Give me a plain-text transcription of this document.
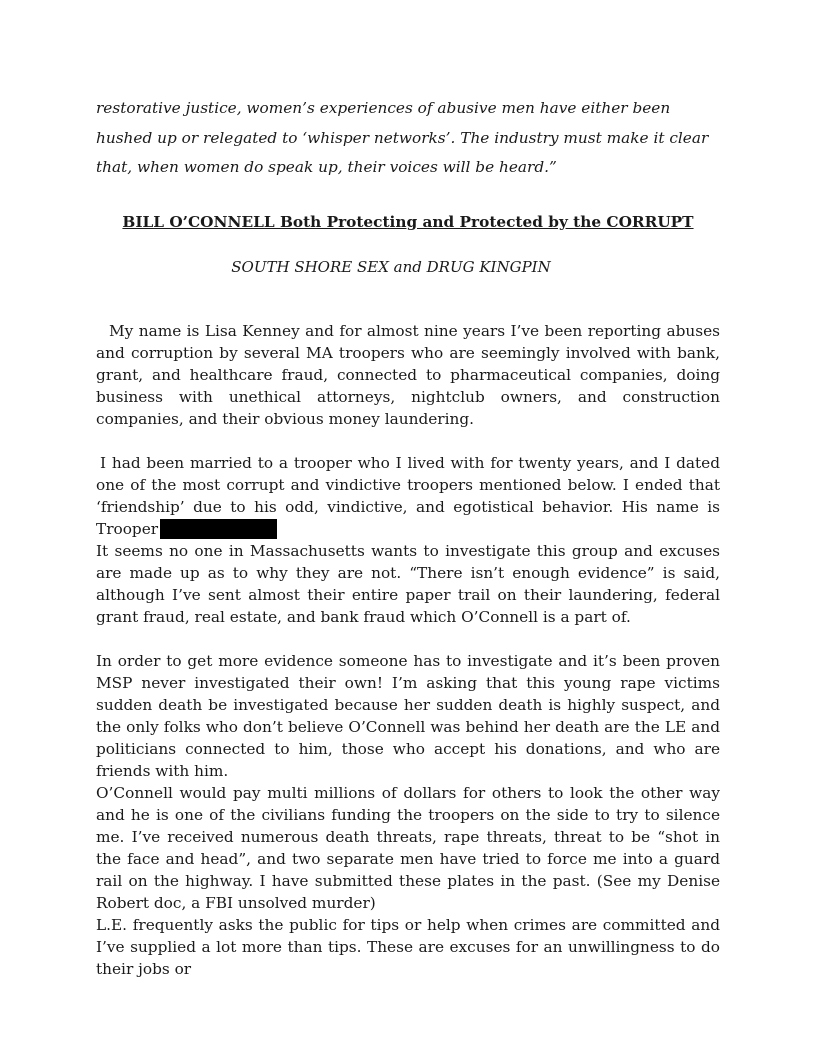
restorative justice, women’s experiences of abusive men have either been hushed up or relegated to ‘whisper networks’. The industry must make it clear that, when women do speak up, their voices will be heard.”

BILL O’CONNELL Both Protecting and Protected by the CORRUPT

SOUTH SHORE SEX and DRUG KINGPIN

My name is Lisa Kenney and for almost nine years I’ve been reporting abuses and corruption by several MA troopers who are seemingly involved with bank, grant, and healthcare fraud, connected to pharmaceutical companies, doing business with unethical attorneys, nightclub owners, and construction companies, and their obvious money laundering.

I had been married to a trooper who I lived with for twenty years, and I dated one of the most corrupt and vindictive troopers mentioned below. I ended that ‘friendship’ due to his odd, vindictive, and egotistical behavior. His name is Trooper

It seems no one in Massachusetts wants to investigate this group and excuses are made up as to why they are not. “There isn’t enough evidence” is said, although I’ve sent almost their entire paper trail on their laundering, federal grant fraud, real estate, and bank fraud which O’Connell is a part of.

In order to get more evidence someone has to investigate and it’s been proven MSP never investigated their own! I’m asking that this young rape victims sudden death be investigated because her sudden death is highly suspect, and the only folks who don’t believe O’Connell was behind her death are the LE and politicians connected to him, those who accept his donations, and who are friends with him.

O’Connell would pay multi millions of dollars for others to look the other way and he is one of the civilians funding the troopers on the side to try to silence me. I’ve received numerous death threats, rape threats, threat to be “shot in the face and head”, and two separate men have tried to force me into a guard rail on the highway. I have submitted these plates in the past. (See my Denise Robert doc, a FBI unsolved murder)

L.E. frequently asks the public for tips or help when crimes are committed and I’ve supplied a lot more than tips. These are excuses for an unwillingness to do their jobs or
